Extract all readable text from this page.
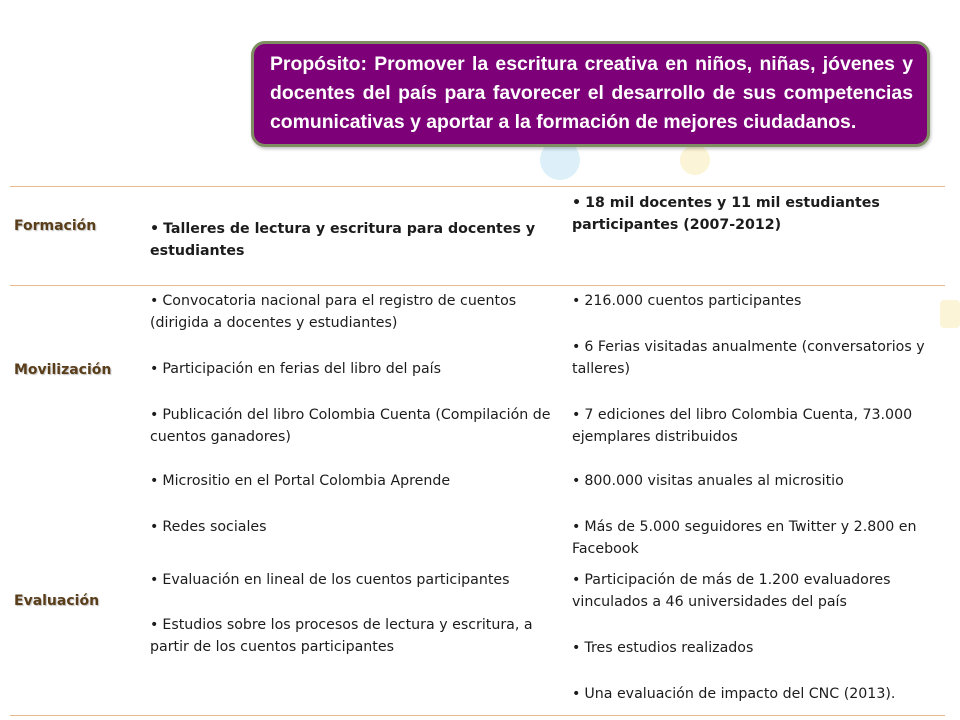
Propósito: Promover la escritura creativa en niños, niñas, jóvenes y docentes del país para favorecer el desarrollo de sus competencias comunicativas y aportar a la formación de mejores ciudadanos.
Formación
•	Talleres de lectura y escritura para docentes y estudiantes
• 18 mil docentes y 11 mil estudiantes participantes (2007-2012)
Movilización
• Convocatoria nacional para el registro de cuentos (dirigida a docentes y estudiantes)
• Participación en ferias del libro del país
• Publicación del libro Colombia Cuenta (Compilación de cuentos ganadores)
• Micrositio en el Portal Colombia Aprende
• Redes sociales
• 216.000 cuentos participantes
• 6 Ferias visitadas anualmente (conversatorios y talleres)
• 7 ediciones del libro Colombia Cuenta, 73.000 ejemplares distribuidos
• 800.000 visitas anuales al micrositio
• Más de 5.000 seguidores en Twitter y 2.800 en Facebook
Evaluación
• Evaluación en lineal de los cuentos participantes
• Estudios sobre los procesos de lectura y escritura, a partir de los cuentos participantes
• Participación de más de 1.200 evaluadores vinculados a 46 universidades del país
• Tres estudios realizados
• Una evaluación de impacto del CNC (2013).
